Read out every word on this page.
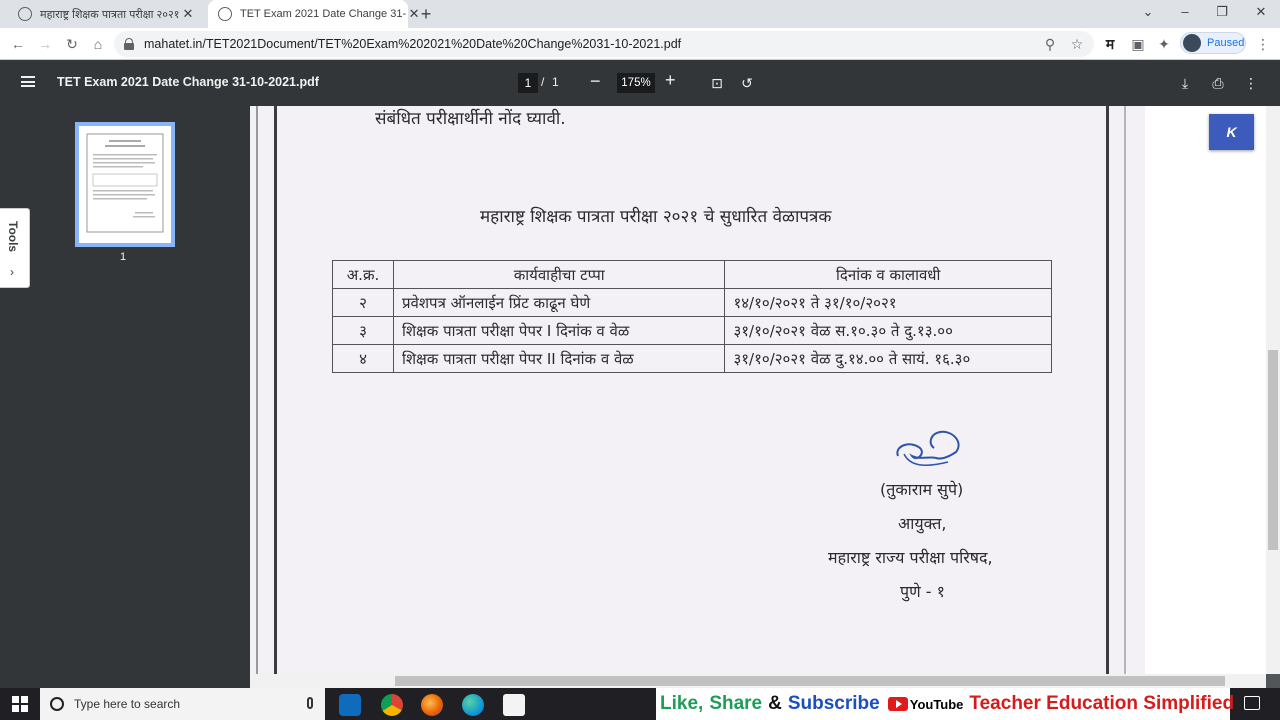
महाराष्ट्र शिक्षक पात्रता परीक्षा २०२१ ✕	TET Exam 2021 Date Change 31- ✕ +	⌄	–	❐	✕
← → ↻	⌂	mahatet.in/TET2021Document/TET%20Exam%202021%20Date%20Change%2031-10-2021.pdf	⚲	☆	म	▣ ✦	Paused ⋮
TET Exam 2021 Date Change 31-10-2021.pdf	1 / 1 −	175% +	⊡ ↺	⤓	⎙ ⋮
1
Tools
›
संबंधित परीक्षार्थीनी नोंद घ्यावी.
महाराष्ट्र शिक्षक पात्रता परीक्षा २०२१ चे सुधारित वेळापत्रक
अ.क्र.	कार्यवाहीचा टप्पा	दिनांक व कालावधी
२	प्रवेशपत्र ऑनलाईन प्रिंट काढून घेणे	१४/१०/२०२१ ते ३१/१०/२०२१
३	शिक्षक पात्रता परीक्षा पेपर I दिनांक व वेळ	३१/१०/२०२१ वेळ स.१०.३० ते दु.१३.००
४	शिक्षक पात्रता परीक्षा पेपर II दिनांक व वेळ	३१/१०/२०२१ वेळ दु.१४.०० ते सायं. १६.३०
(तुकाराम सुपे)
आयुक्त,
महाराष्ट्र राज्य परीक्षा परिषद,
पुणे - १
K
Type here to search	Like, Share & Subscribe YouTube Teacher Education Simplified
